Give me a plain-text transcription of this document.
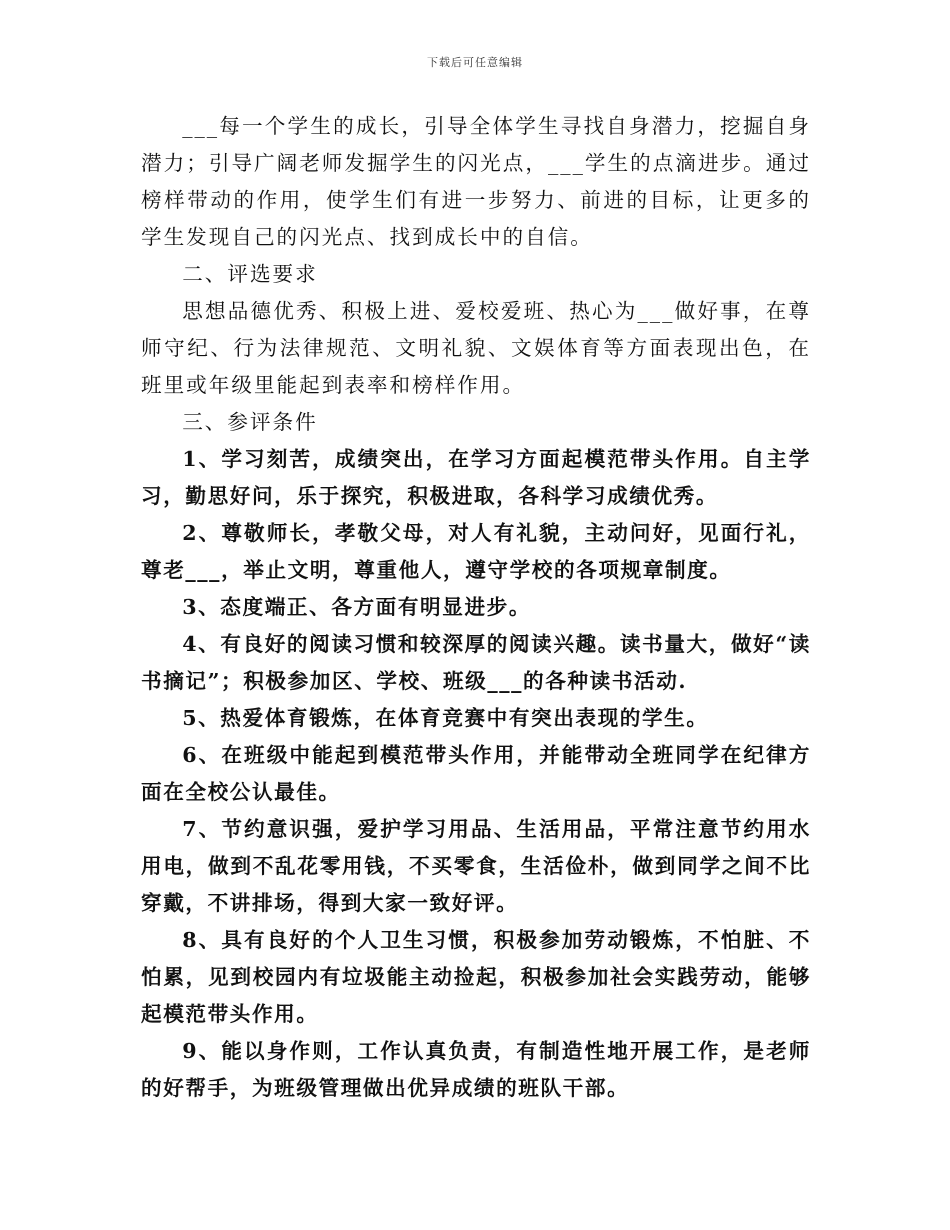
下载后可任意编辑

___每一个学生的成长，引导全体学生寻找自身潜力，挖掘自身潜力；引导广阔老师发掘学生的闪光点，___学生的点滴进步。通过榜样带动的作用，使学生们有进一步努力、前进的目标，让更多的学生发现自己的闪光点、找到成长中的自信。

二、评选要求

思想品德优秀、积极上进、爱校爱班、热心为___做好事，在尊师守纪、行为法律规范、文明礼貌、文娱体育等方面表现出色，在班里或年级里能起到表率和榜样作用。

三、参评条件

1、学习刻苦，成绩突出，在学习方面起模范带头作用。自主学习，勤思好问，乐于探究，积极进取，各科学习成绩优秀。

2、尊敬师长，孝敬父母，对人有礼貌，主动问好，见面行礼，尊老___，举止文明，尊重他人，遵守学校的各项规章制度。

3、态度端正、各方面有明显进步。

4、有良好的阅读习惯和较深厚的阅读兴趣。读书量大，做好“读书摘记”；积极参加区、学校、班级___的各种读书活动.

5、热爱体育锻炼，在体育竞赛中有突出表现的学生。

6、在班级中能起到模范带头作用，并能带动全班同学在纪律方面在全校公认最佳。

7、节约意识强，爱护学习用品、生活用品，平常注意节约用水用电，做到不乱花零用钱，不买零食，生活俭朴，做到同学之间不比穿戴，不讲排场，得到大家一致好评。

8、具有良好的个人卫生习惯，积极参加劳动锻炼，不怕脏、不怕累，见到校园内有垃圾能主动捡起，积极参加社会实践劳动，能够起模范带头作用。

9、能以身作则，工作认真负责，有制造性地开展工作，是老师的好帮手，为班级管理做出优异成绩的班队干部。
